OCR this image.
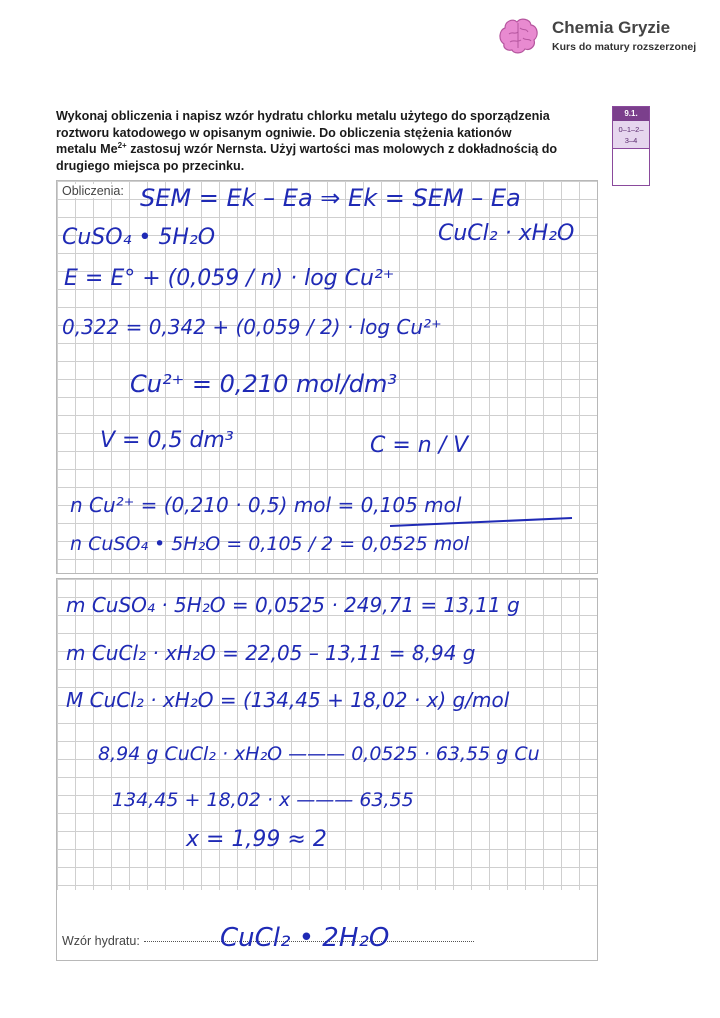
Chemia Gryzie
Kurs do matury rozszerzonej
Wykonaj obliczenia i napisz wzór hydratu chlorku metalu użytego do sporządzenia
roztworu katodowego w opisanym ogniwie. Do obliczenia stężenia kationów
metalu $Me^{2+}$ zastosuj wzór Nernsta. Użyj wartości mas molowych z dokładnością do
drugiego miejsca po przecinku.
9.1.
0–1–2–
3–4
Obliczenia:
Wzór hydratu:
SEM = Ek – Ea ⇒ Ek = SEM – Ea
CuSO₄ • 5H₂O	CuCl₂ · xH₂O
E = E° + (0,059 / n) · log Cu²⁺
0,322 = 0,342 + (0,059 / 2) · log Cu²⁺
Cu²⁺ = 0,210 mol/dm³
V = 0,5 dm³	C = n / V
n Cu²⁺ = (0,210 · 0,5) mol = 0,105 mol
n CuSO₄ • 5H₂O = 0,105 / 2 = 0,0525 mol
m CuSO₄ · 5H₂O = 0,0525 · 249,71 = 13,11 g
m CuCl₂ · xH₂O = 22,05 – 13,11 = 8,94 g
M CuCl₂ · xH₂O = (134,45 + 18,02 · x) g/mol
8,94 g CuCl₂ · xH₂O ——— 0,0525 · 63,55 g Cu
134,45 + 18,02 · x ——— 63,55
x = 1,99 ≈ 2
CuCl₂ • 2H₂O
